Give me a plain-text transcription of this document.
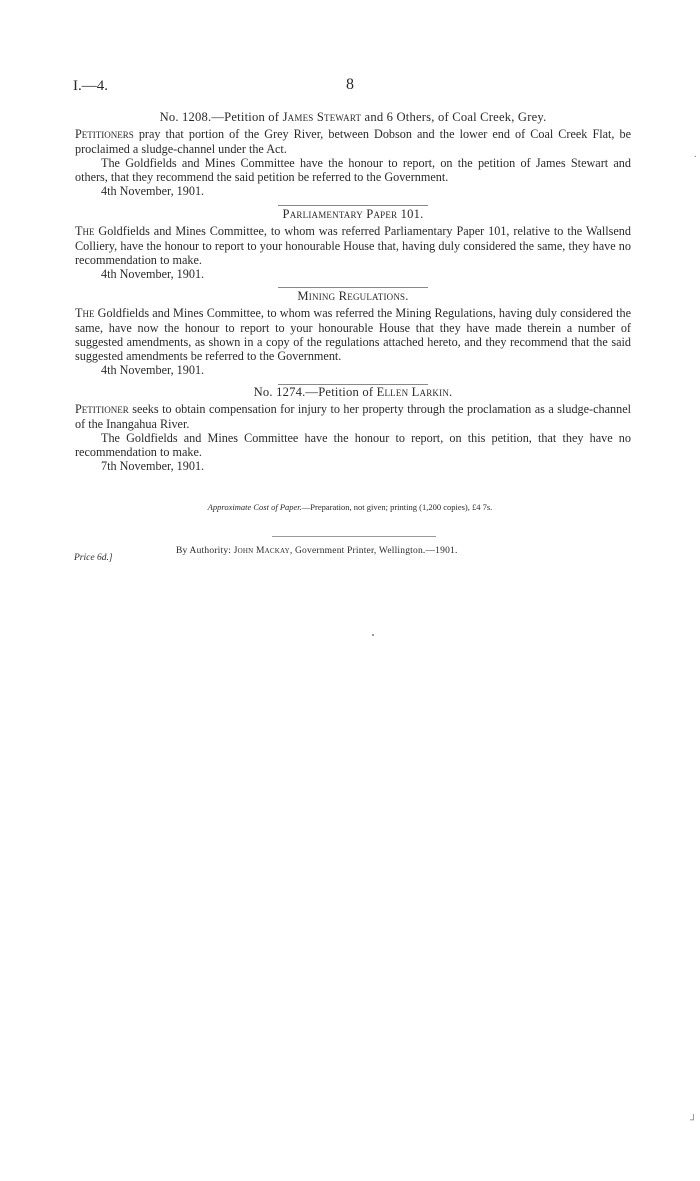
I.—4.	8
No. 1208.—Petition of James Stewart and 6 Others, of Coal Creek, Grey.

Petitioners pray that portion of the Grey River, between Dobson and the lower end of Coal Creek Flat, be proclaimed a sludge-channel under the Act.

The Goldfields and Mines Committee have the honour to report, on the petition of James Stewart and others, that they recommend the said petition be referred to the Government.

4th November, 1901.

Parliamentary Paper 101.

The Goldfields and Mines Committee, to whom was referred Parliamentary Paper 101, relative to the Wallsend Colliery, have the honour to report to your honourable House that, having duly considered the same, they have no recommendation to make.

4th November, 1901.

Mining Regulations.

The Goldfields and Mines Committee, to whom was referred the Mining Regulations, having duly considered the same, have now the honour to report to your honourable House that they have made therein a number of suggested amendments, as shown in a copy of the regulations attached hereto, and they recommend that the said suggested amendments be referred to the Government.

4th November, 1901.

No. 1274.—Petition of Ellen Larkin.

Petitioner seeks to obtain compensation for injury to her property through the proclamation as a sludge-channel of the Inangahua River.

The Goldfields and Mines Committee have the honour to report, on this petition, that they have no recommendation to make.

7th November, 1901.

Approximate Cost of Paper.—Preparation, not given; printing (1,200 copies), £4 7s.
By Authority: John Mackay, Government Printer, Wellington.—1901.
Price 6d.]
·
┘
